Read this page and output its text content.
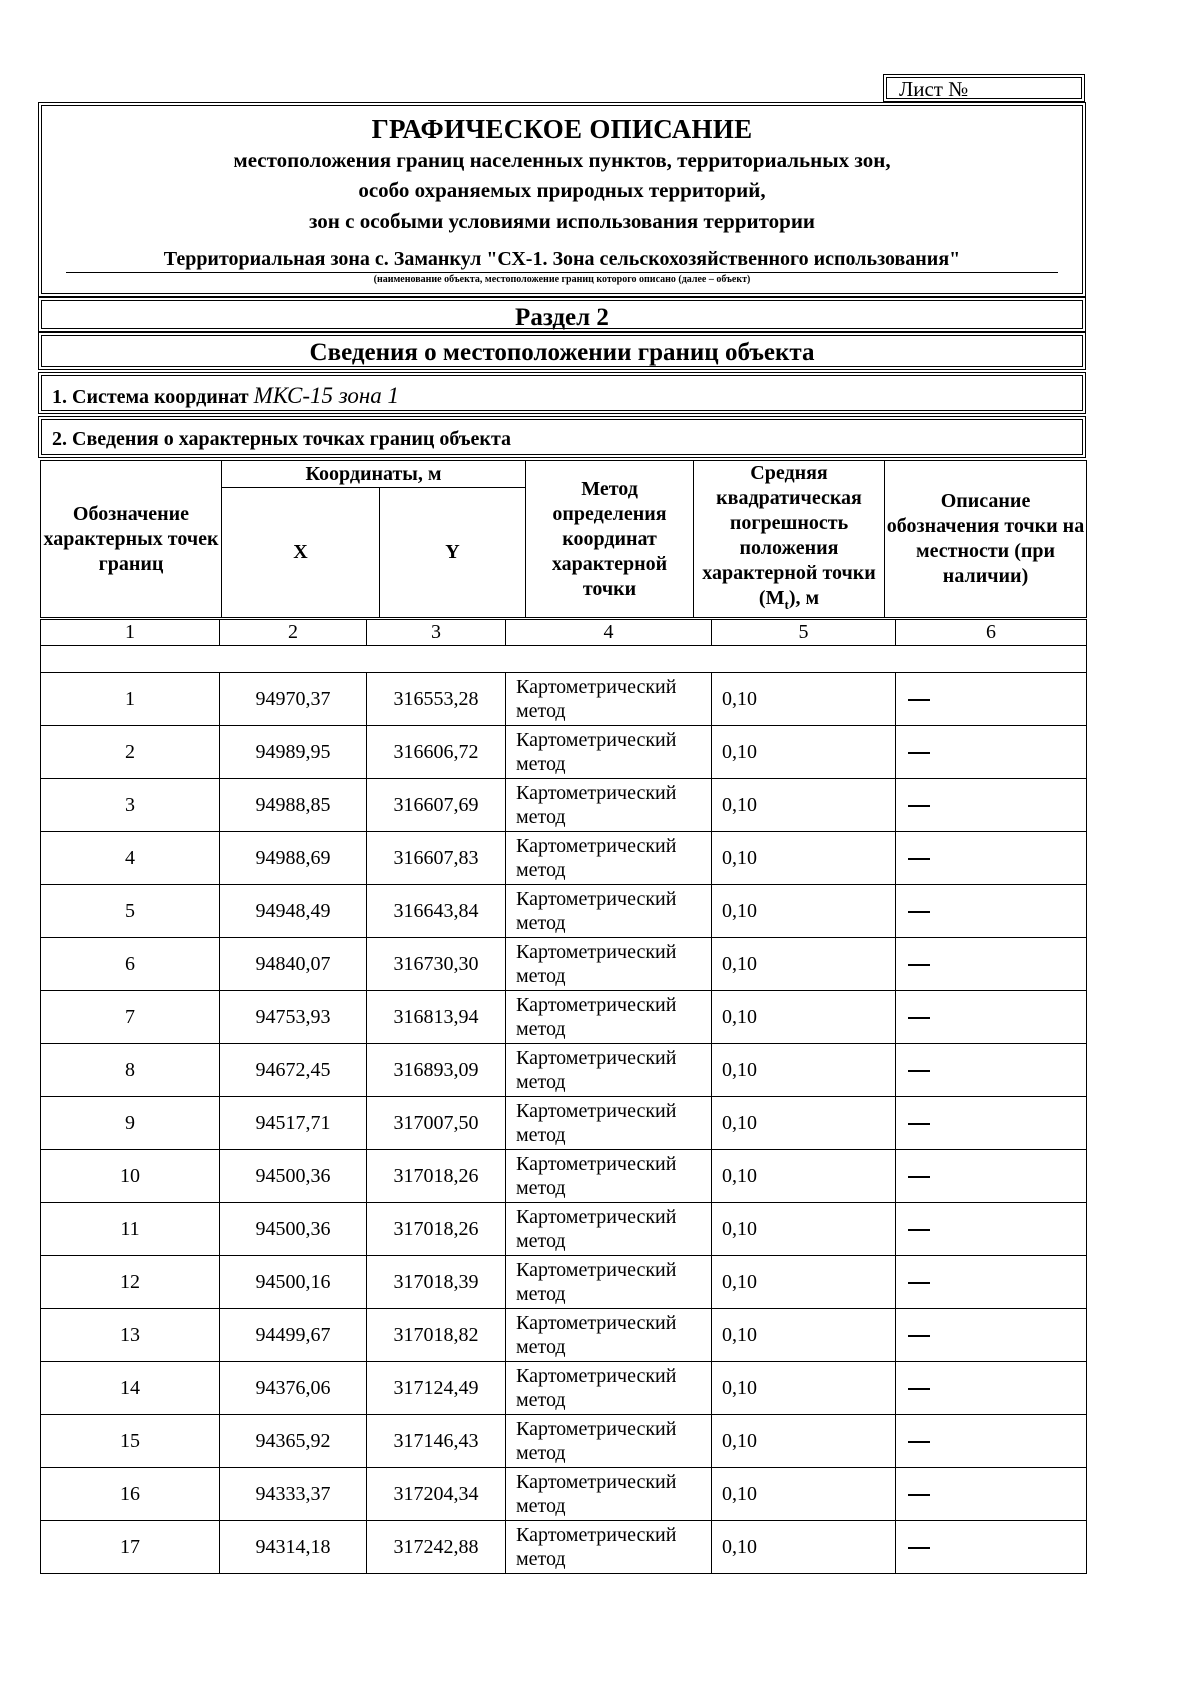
Лист №
ГРАФИЧЕСКОЕ ОПИСАНИЕ
местоположения границ населенных пунктов, территориальных зон,
особо охраняемых природных территорий,
зон с особыми условиями использования территории
Территориальная зона с. Заманкул "СХ-1. Зона сельскохозяйственного использования"
(наименование объекта, местоположение границ которого описано (далее – объект)
Раздел 2
Сведения о местоположении границ объекта
1. Система координат МКС-15 зона 1
2. Сведения о характерных точках границ объекта
Обозначение характерных точек границ	Координаты, м		Метод определения координат характерной точки	Средняя квадратическая погрешность положения характерной точки $(M_t)$, м	Описание обозначения точки на местности (при наличии)
	X	Y			
1	2	3	4	5	6

1	94970,37	316553,28	Картометрический метод	0,10	
2	94989,95	316606,72	Картометрический метод	0,10	
3	94988,85	316607,69	Картометрический метод	0,10	
4	94988,69	316607,83	Картометрический метод	0,10	
5	94948,49	316643,84	Картометрический метод	0,10	
6	94840,07	316730,30	Картометрический метод	0,10	
7	94753,93	316813,94	Картометрический метод	0,10	
8	94672,45	316893,09	Картометрический метод	0,10	
9	94517,71	317007,50	Картометрический метод	0,10	
10	94500,36	317018,26	Картометрический метод	0,10	
11	94500,36	317018,26	Картометрический метод	0,10	
12	94500,16	317018,39	Картометрический метод	0,10	
13	94499,67	317018,82	Картометрический метод	0,10	
14	94376,06	317124,49	Картометрический метод	0,10	
15	94365,92	317146,43	Картометрический метод	0,10	
16	94333,37	317204,34	Картометрический метод	0,10	
17	94314,18	317242,88	Картометрический метод	0,10	
